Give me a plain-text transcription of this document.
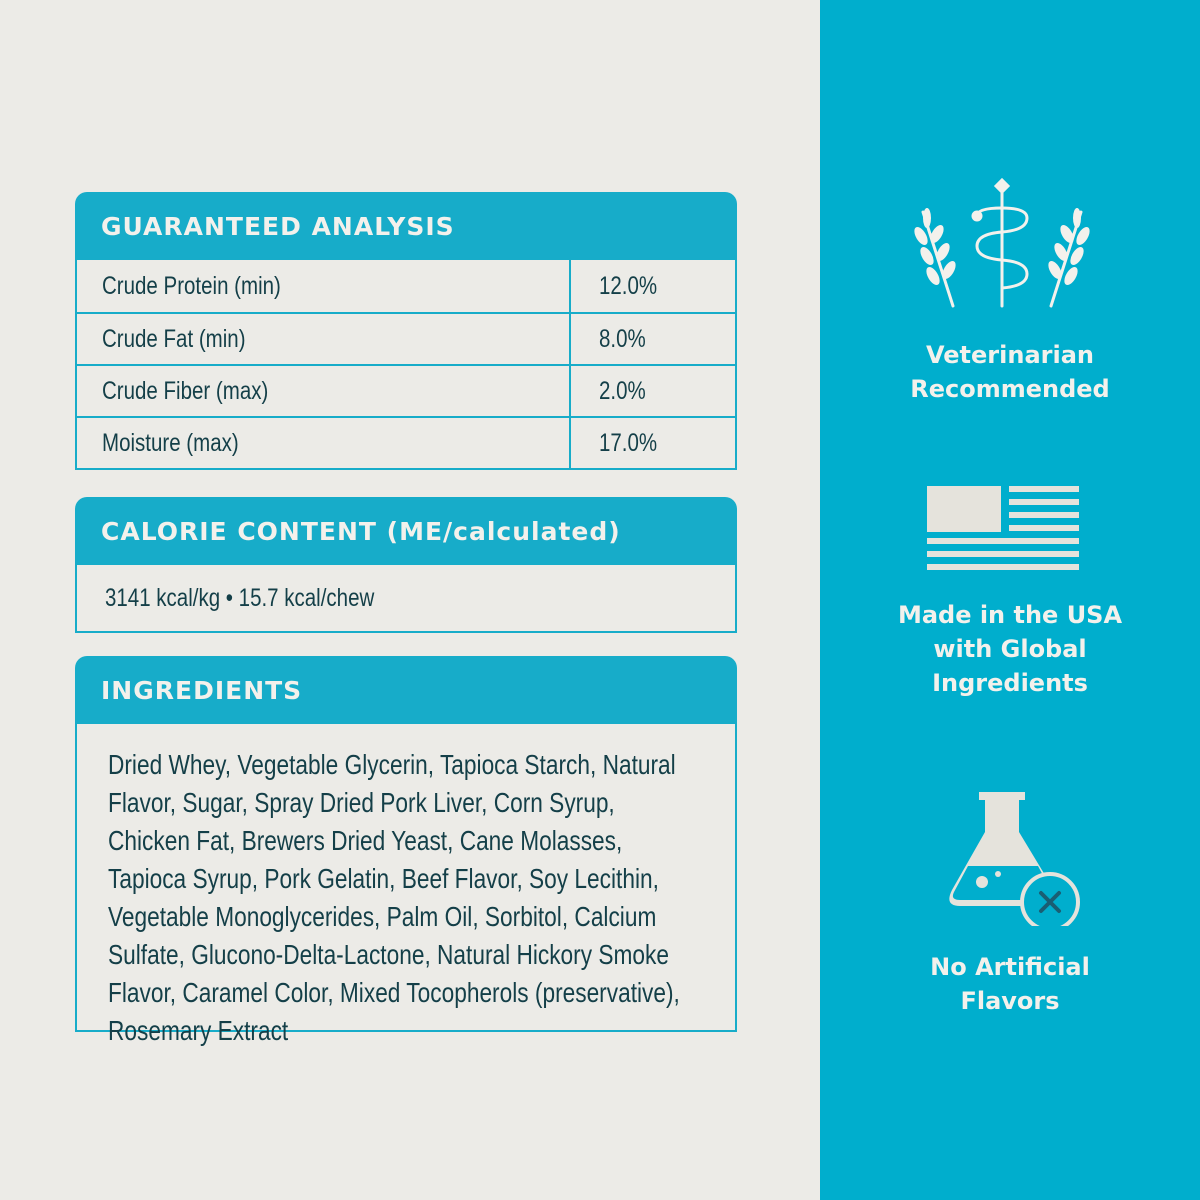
GUARANTEED ANALYSIS
Crude Protein (min)	12.0%
Crude Fat (min)	8.0%
Crude Fiber (max)	2.0%
Moisture (max)	17.0%
CALORIE CONTENT (ME/calculated)
3141 kcal/kg • 15.7 kcal/chew
INGREDIENTS
Dried Whey, Vegetable Glycerin, Tapioca Starch, Natural Flavor, Sugar, Spray Dried Pork Liver, Corn Syrup, Chicken Fat, Brewers Dried Yeast, Cane Molasses, Tapioca Syrup, Pork Gelatin, Beef Flavor, Soy Lecithin, Vegetable Monoglycerides, Palm Oil, Sorbitol, Calcium Sulfate, Glucono-Delta-Lactone, Natural Hickory Smoke Flavor, Caramel Color, Mixed Tocopherols (preservative), Rosemary Extract
Veterinarian
Recommended
Made in the USA
with Global
Ingredients
No Artificial
Flavors
